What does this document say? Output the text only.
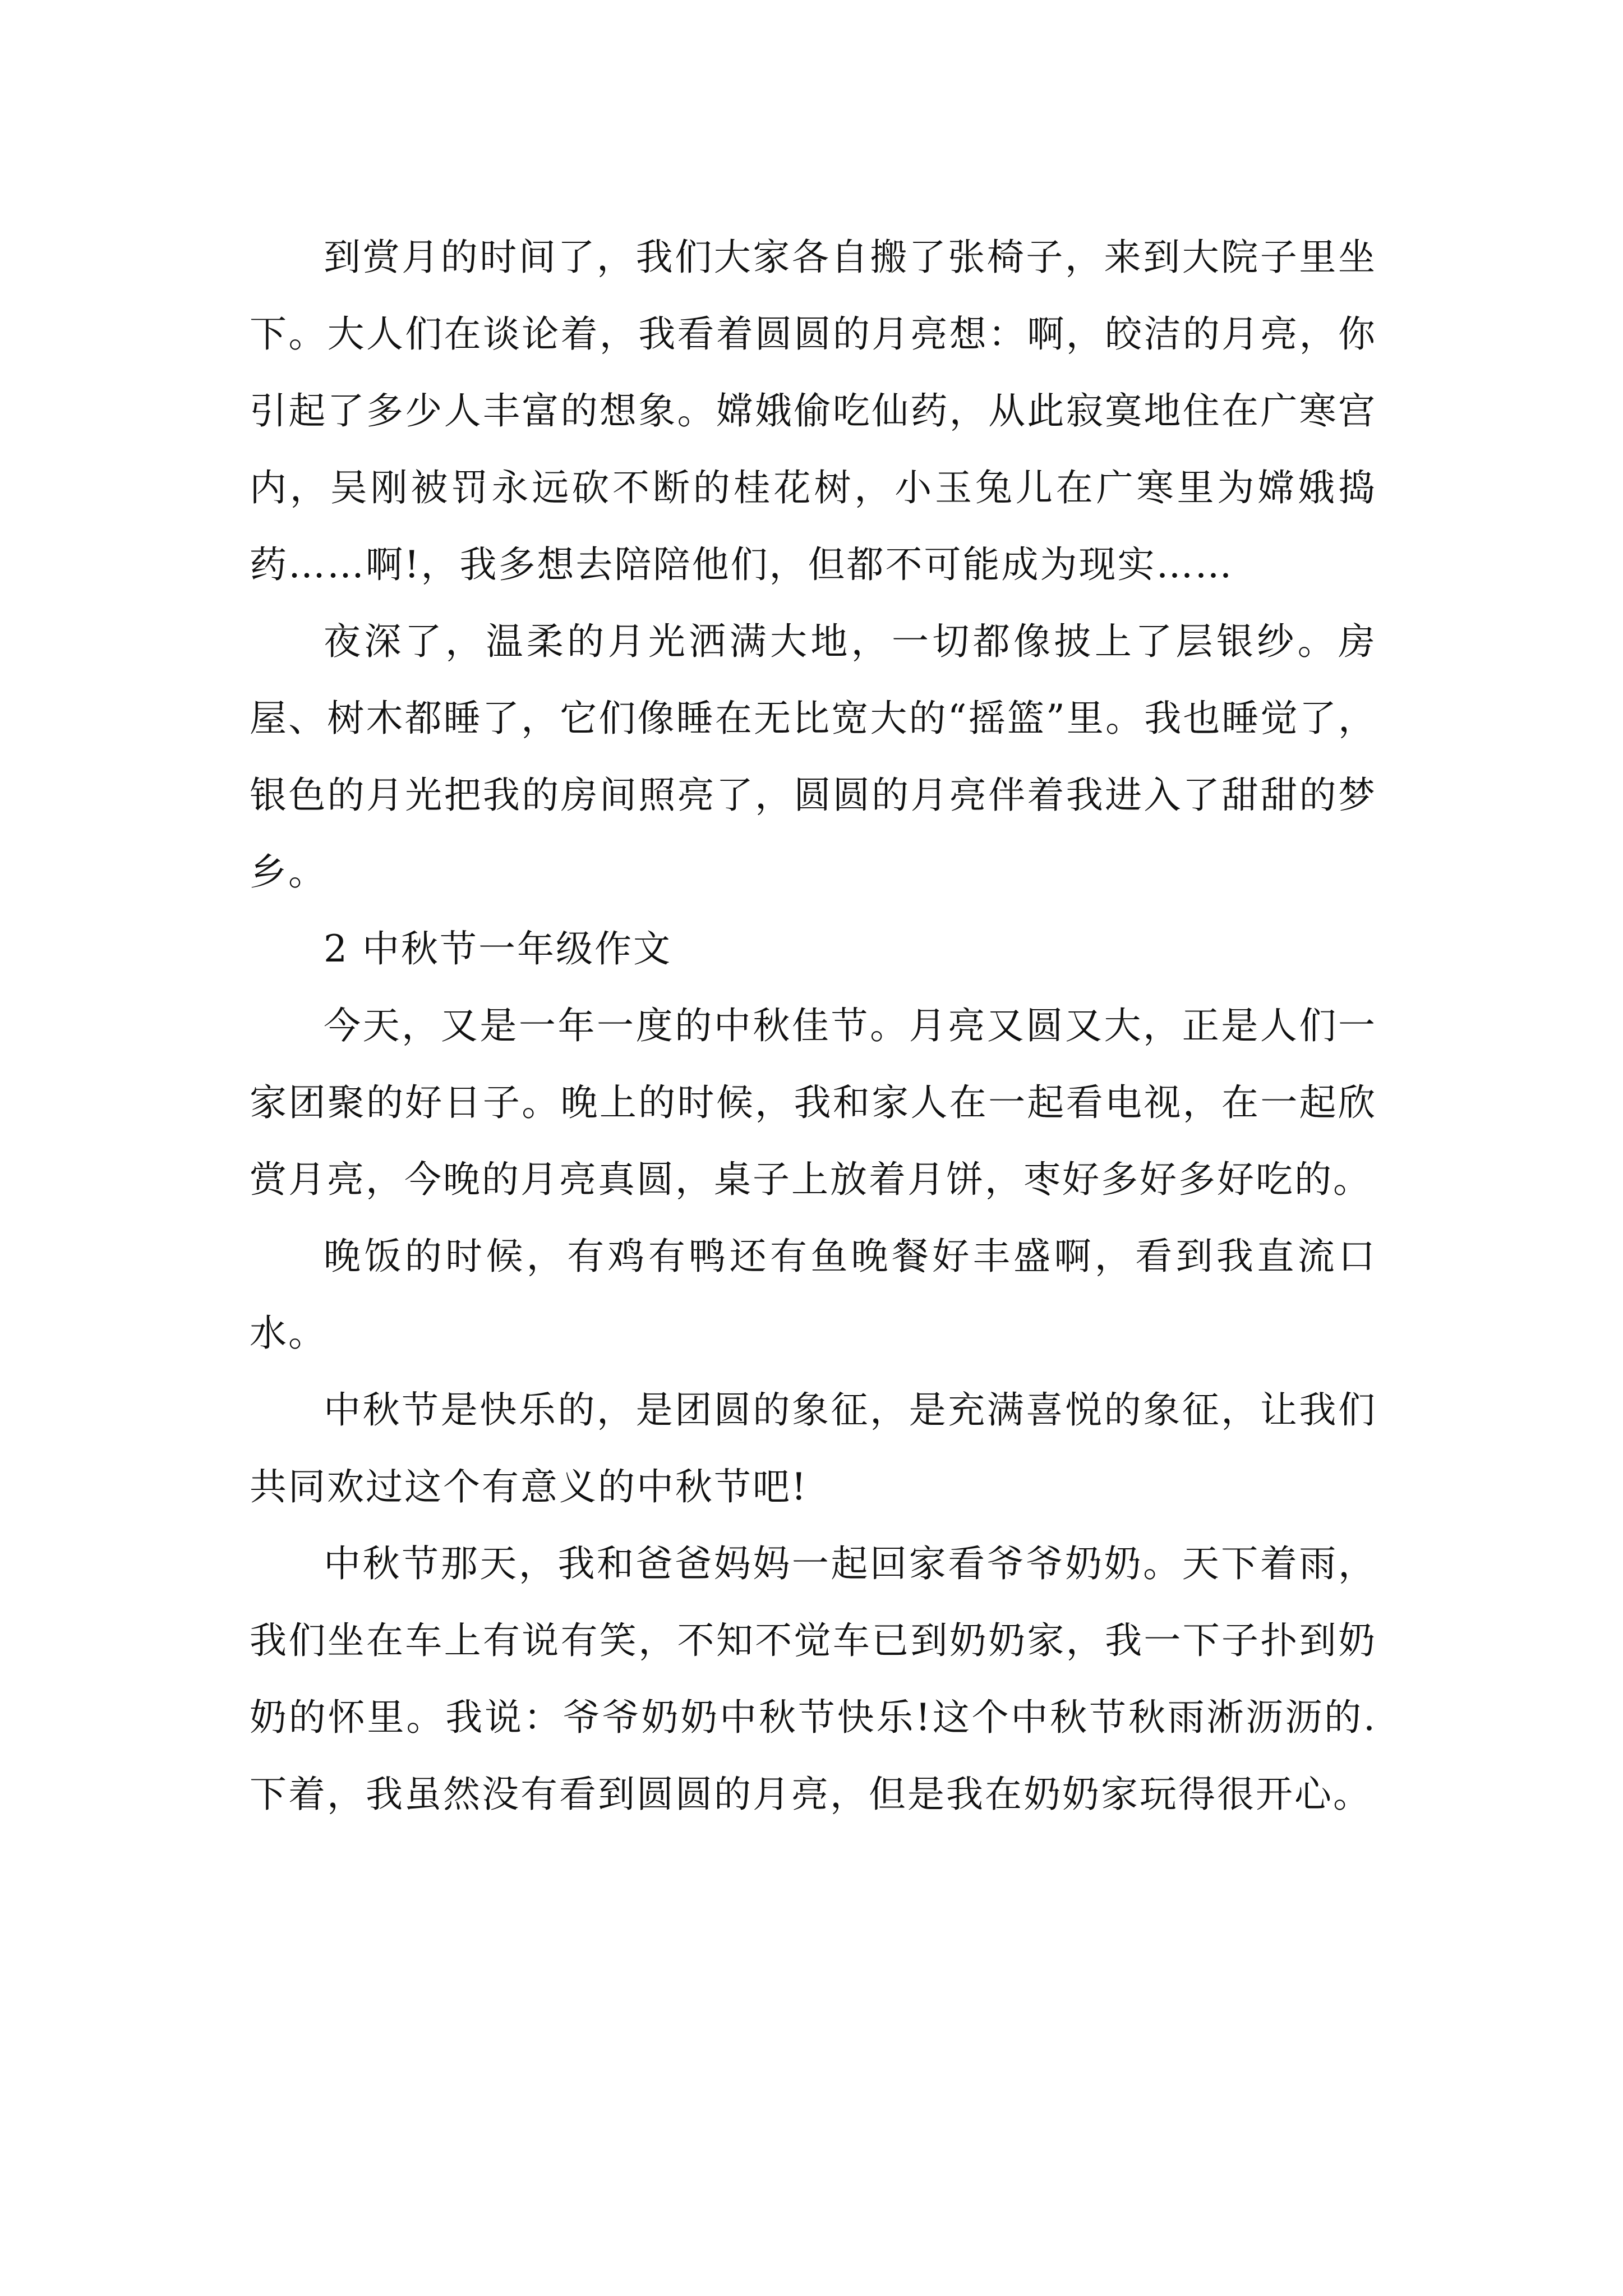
到赏月的时间了，我们大家各自搬了张椅子，来到大院子里坐下。大人们在谈论着，我看着圆圆的月亮想：啊，皎洁的月亮，你引起了多少人丰富的想象。嫦娥偷吃仙药，从此寂寞地住在广寒宫内，吴刚被罚永远砍不断的桂花树，小玉兔儿在广寒里为嫦娥捣药……啊!，我多想去陪陪他们，但都不可能成为现实……

夜深了，温柔的月光洒满大地，一切都像披上了层银纱。房屋、树木都睡了，它们像睡在无比宽大的“摇篮”里。我也睡觉了，银色的月光把我的房间照亮了，圆圆的月亮伴着我进入了甜甜的梦乡。

2 中秋节一年级作文

今天，又是一年一度的中秋佳节。月亮又圆又大，正是人们一家团聚的好日子。晚上的时候，我和家人在一起看电视，在一起欣赏月亮，今晚的月亮真圆，桌子上放着月饼，枣好多好多好吃的。

晚饭的时候，有鸡有鸭还有鱼晚餐好丰盛啊，看到我直流口水。

中秋节是快乐的，是团圆的象征，是充满喜悦的象征，让我们共同欢过这个有意义的中秋节吧!

中秋节那天，我和爸爸妈妈一起回家看爷爷奶奶。天下着雨，我们坐在车上有说有笑，不知不觉车已到奶奶家，我一下子扑到奶奶的怀里。我说：爷爷奶奶中秋节快乐!这个中秋节秋雨淅沥沥的.下着，我虽然没有看到圆圆的月亮，但是我在奶奶家玩得很开心。
